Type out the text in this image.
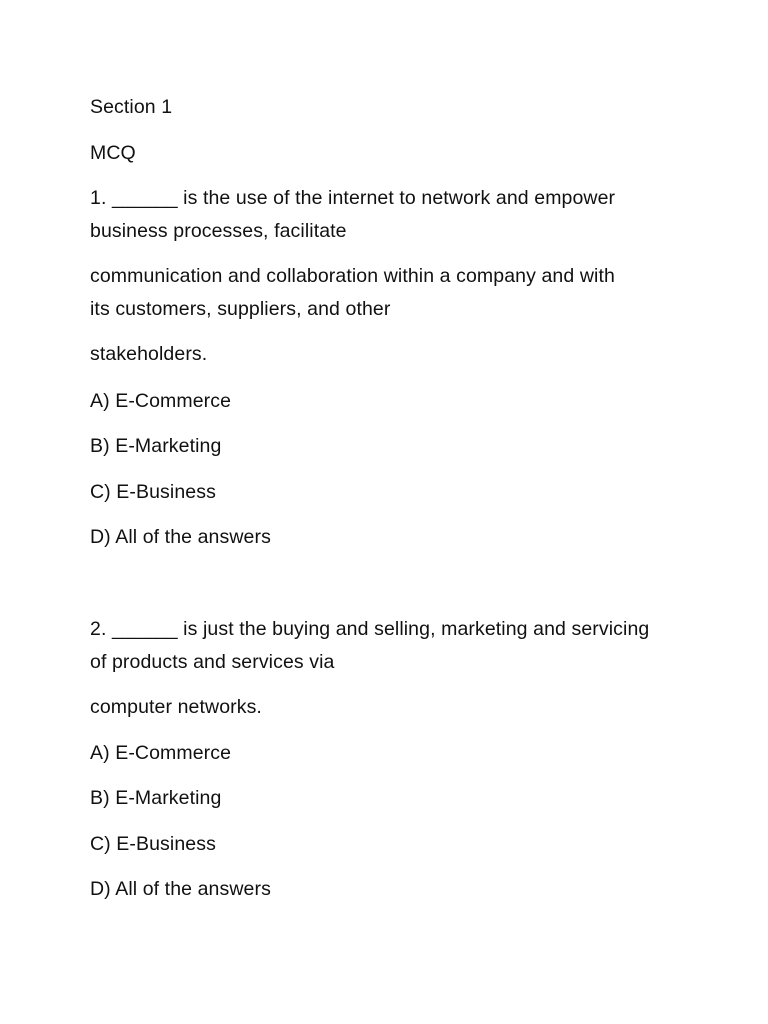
Section 1
MCQ
1. ______ is the use of the internet to network and empower
business processes, facilitate
communication and collaboration within a company and with
its customers, suppliers, and other
stakeholders.
A) E-Commerce
B) E-Marketing
C) E-Business
D) All of the answers
2. ______ is just the buying and selling, marketing and servicing
of products and services via
computer networks.
A) E-Commerce
B) E-Marketing
C) E-Business
D) All of the answers
